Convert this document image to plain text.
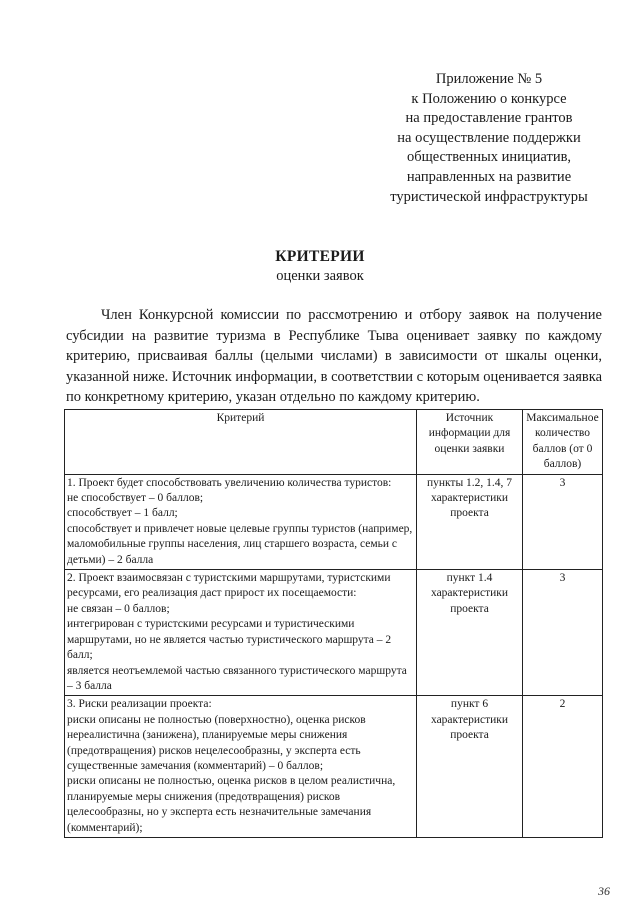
Приложение № 5
к Положению о конкурсе
на предоставление грантов
на осуществление поддержки
общественных инициатив,
направленных на развитие
туристической инфраструктуры
КРИТЕРИИ
оценки заявок
Член Конкурсной комиссии по рассмотрению и отбору заявок на получение субсидии на развитие туризма в Республике Тыва оценивает заявку по каждому критерию, присваивая баллы (целыми числами) в зависимости от шкалы оценки, указанной ниже. Источник информации, в соответствии с которым оценивается заявка по конкретному критерию, указан отдельно по каждому критерию.
Критерий	Источник информации для оценки заявки	Максимальное количество баллов (от 0 баллов)

1. Проект будет способствовать увеличению количества туристов:
не способствует – 0 баллов;
способствует – 1 балл;
способствует и привлечет новые целевые группы туристов (например, маломобильные группы населения, лиц старшего возраста, семьи с детьми) – 2 балла	пункты 1.2, 1.4, 7 характеристики проекта	3

2. Проект взаимосвязан с туристскими маршрутами, туристскими ресурсами, его реализация даст прирост их посещаемости:
не связан – 0 баллов;
интегрирован с туристскими ресурсами и туристическими маршрутами, но не является частью туристического маршрута – 2 балл;
является неотъемлемой частью связанного туристического маршрута – 3 балла	пункт 1.4 характеристики проекта	3

3. Риски реализации проекта:
риски описаны не полностью (поверхностно), оценка рисков нереалистична (занижена), планируемые меры снижения (предотвращения) рисков нецелесообразны, у эксперта есть существенные замечания (комментарий) – 0 баллов;
риски описаны не полностью, оценка рисков в целом реалистична, планируемые меры снижения (предотвращения) рисков целесообразны, но у эксперта есть незначительные замечания (комментарий);	пункт 6 характеристики проекта	2
36
